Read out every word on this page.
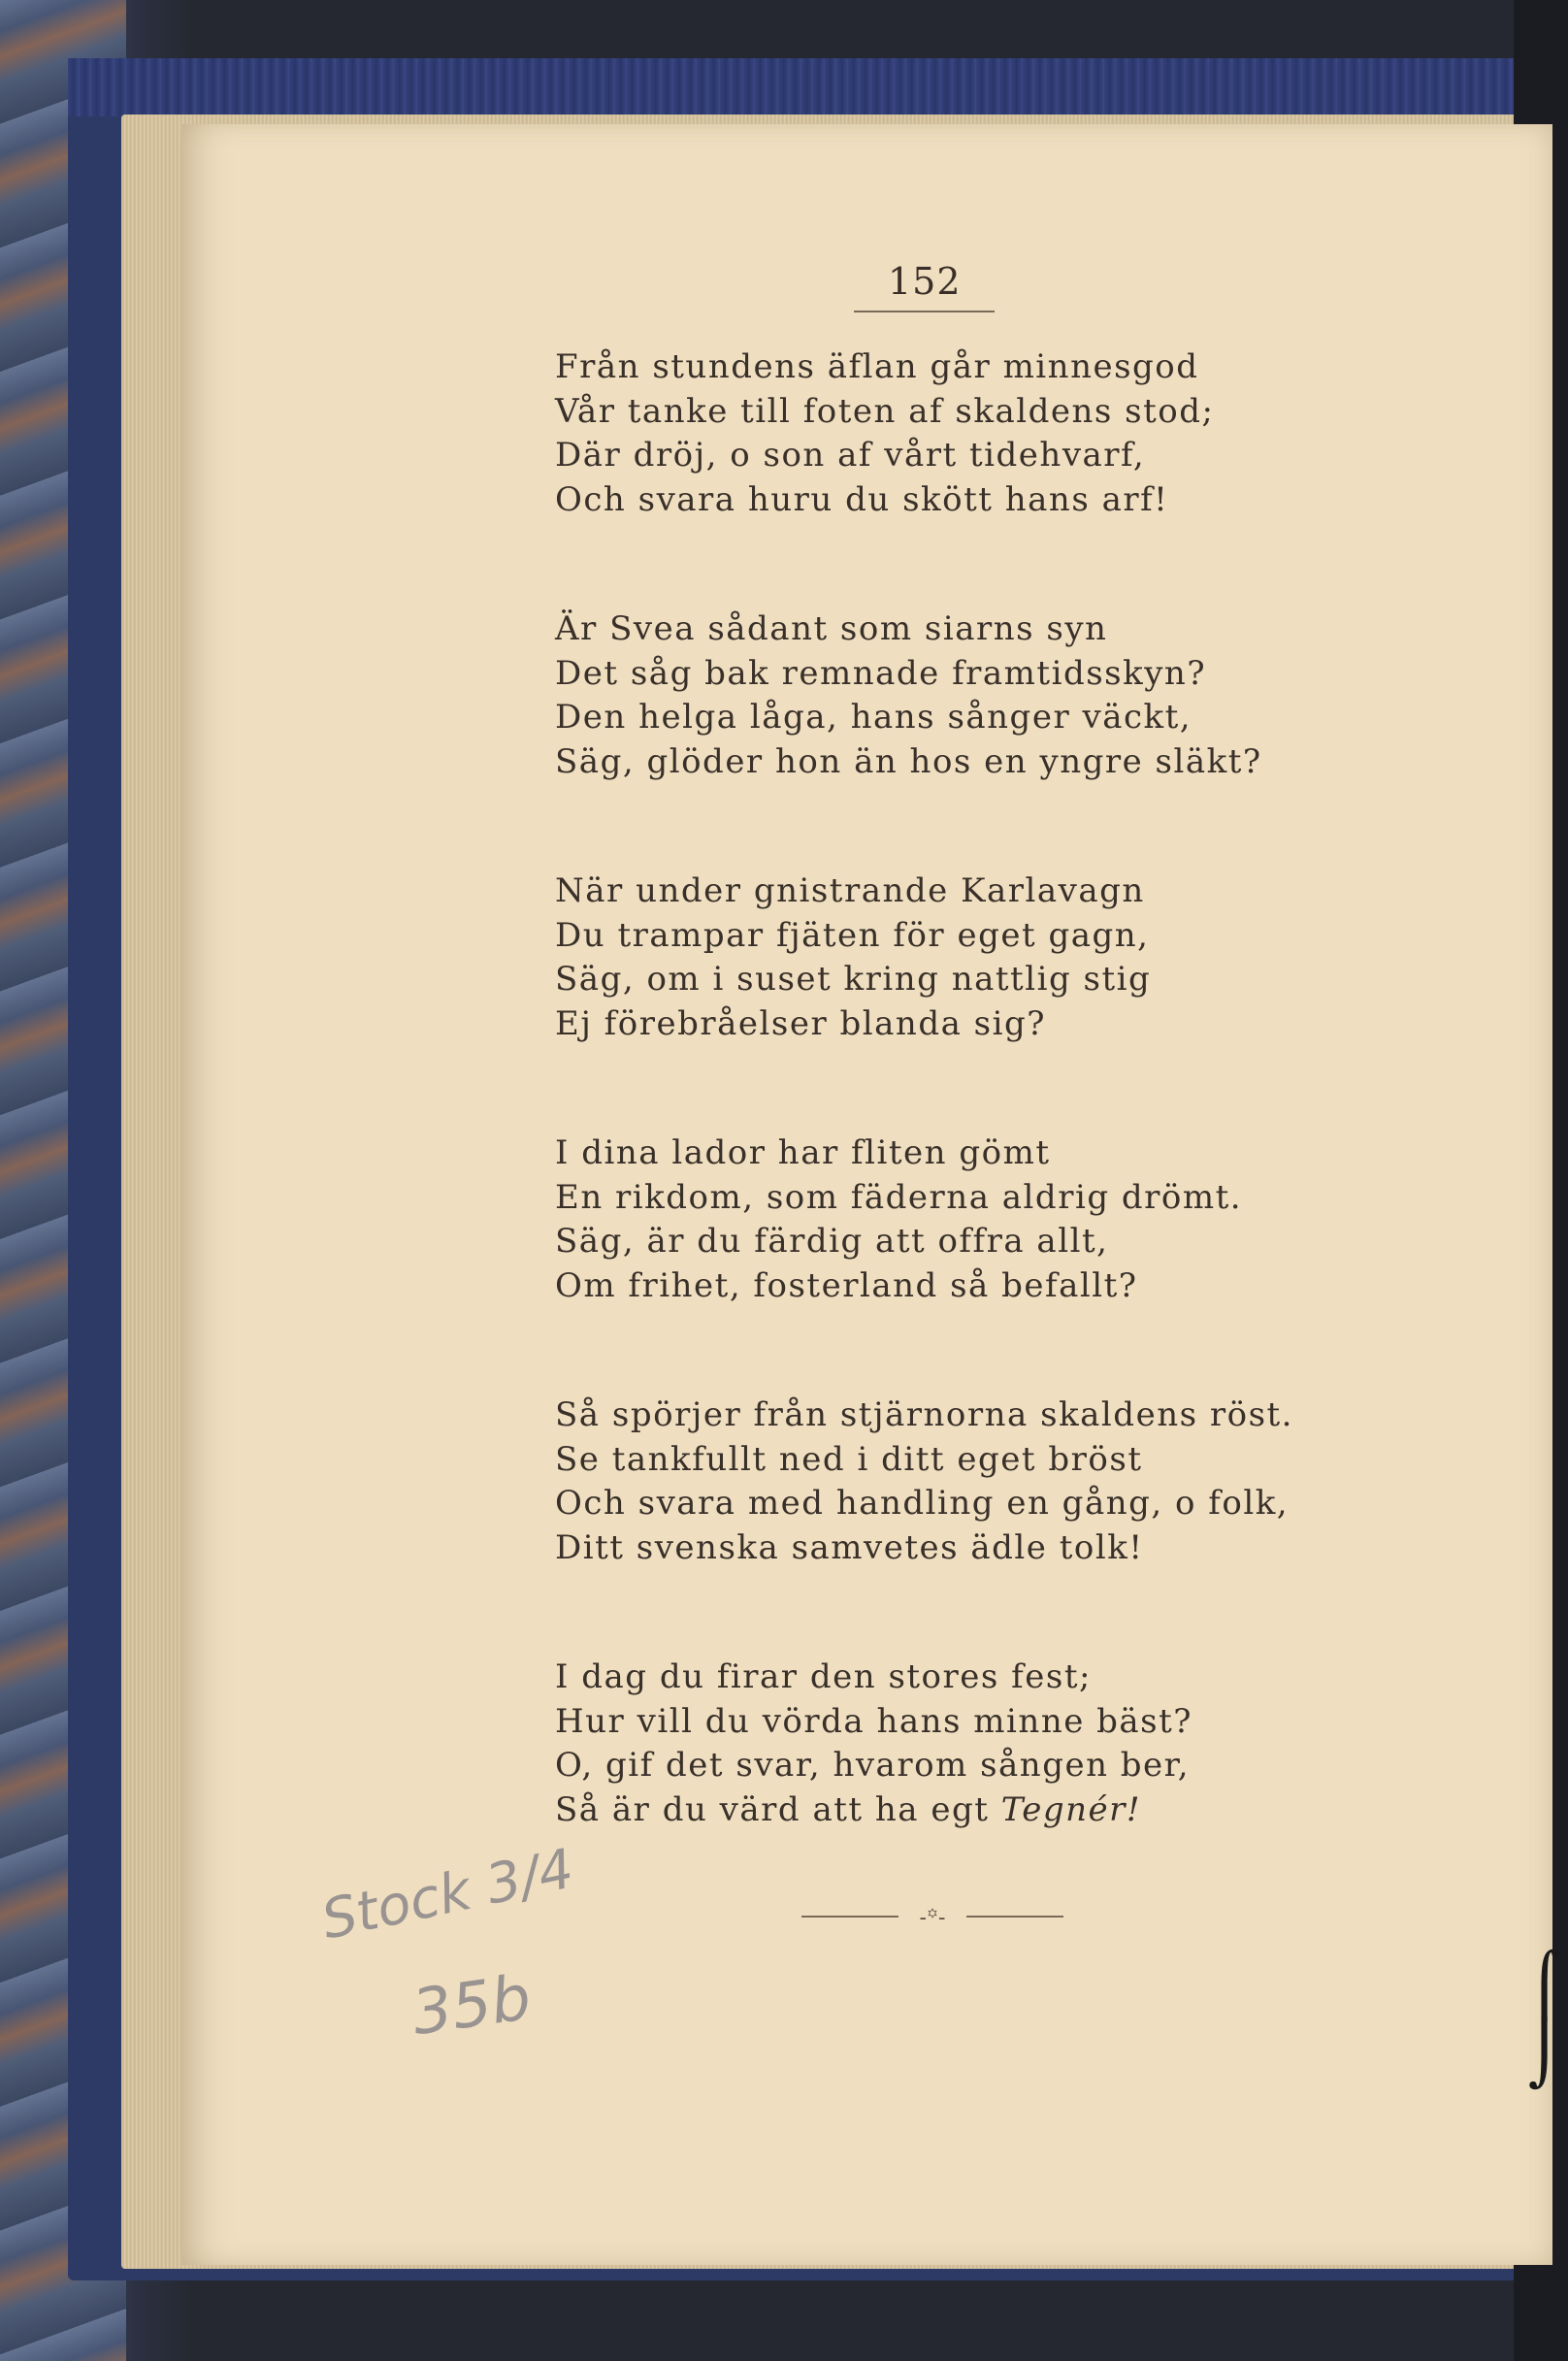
152
Från stundens äflan går minnesgod
Vår tanke till foten af skaldens stod;
Där dröj, o son af vårt tidehvarf,
Och svara huru du skött hans arf!
Är Svea sådant som siarns syn
Det såg bak remnade framtidsskyn?
Den helga låga, hans sånger väckt,
Säg, glöder hon än hos en yngre släkt?
När under gnistrande Karlavagn
Du trampar fjäten för eget gagn,
Säg, om i suset kring nattlig stig
Ej förebråelser blanda sig?
I dina lador har fliten gömt
En rikdom, som fäderna aldrig drömt.
Säg, är du färdig att offra allt,
Om frihet, fosterland så befallt?
Så spörjer från stjärnorna skaldens röst.
Se tankfullt ned i ditt eget bröst
Och svara med handling en gång, o folk,
Ditt svenska samvetes ädle tolk!
I dag du firar den stores fest;
Hur vill du vörda hans minne bäst?
O, gif det svar, hvarom sången ber,
Så är du värd att ha egt Tegnér!
-꙳-
Stock 3/4
35b	⌠
⌡
